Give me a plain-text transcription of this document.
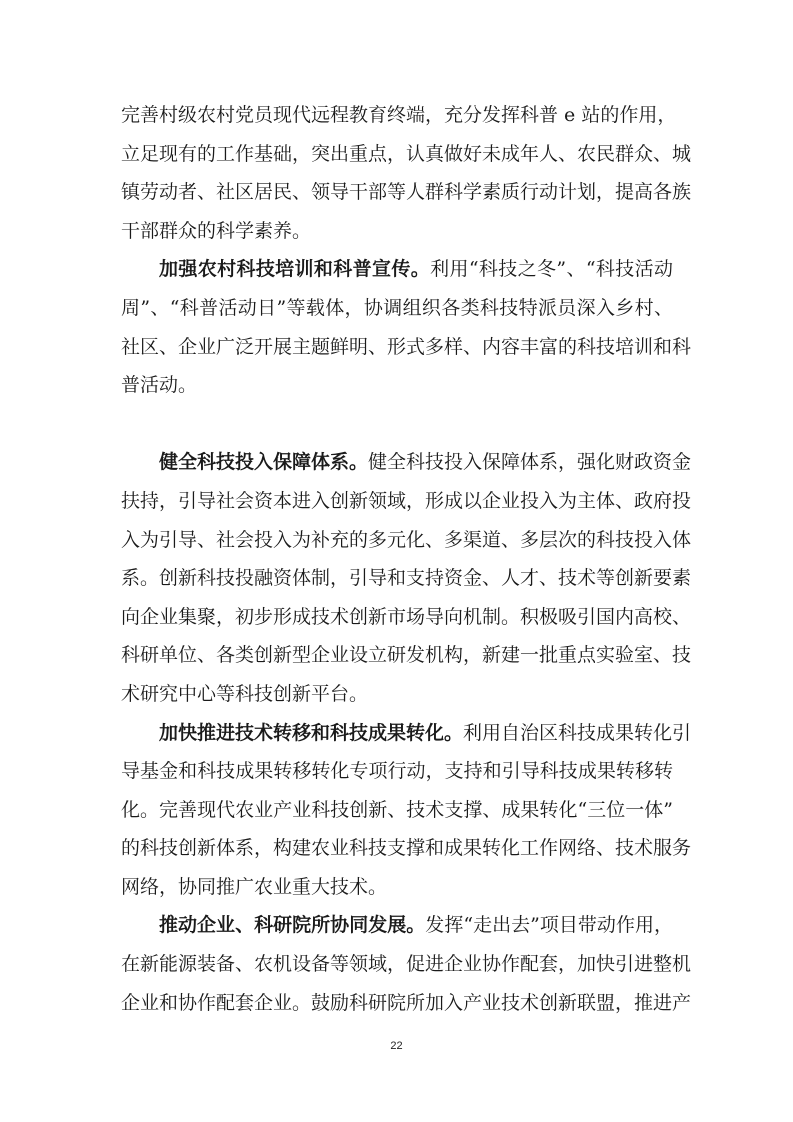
完善村级农村党员现代远程教育终端，充分发挥科普 e 站的作用，
立足现有的工作基础，突出重点，认真做好未成年人、农民群众、城
镇劳动者、社区居民、领导干部等人群科学素质行动计划，提高各族
干部群众的科学素养。
加强农村科技培训和科普宣传。利用“科技之冬”、“科技活动
周”、“科普活动日”等载体，协调组织各类科技特派员深入乡村、
社区、企业广泛开展主题鲜明、形式多样、内容丰富的科技培训和科
普活动。
健全科技投入保障体系。健全科技投入保障体系，强化财政资金
扶持，引导社会资本进入创新领域，形成以企业投入为主体、政府投
入为引导、社会投入为补充的多元化、多渠道、多层次的科技投入体
系。创新科技投融资体制，引导和支持资金、人才、技术等创新要素
向企业集聚，初步形成技术创新市场导向机制。积极吸引国内高校、
科研单位、各类创新型企业设立研发机构，新建一批重点实验室、技
术研究中心等科技创新平台。
加快推进技术转移和科技成果转化。利用自治区科技成果转化引
导基金和科技成果转移转化专项行动，支持和引导科技成果转移转
化。完善现代农业产业科技创新、技术支撑、成果转化“三位一体”
的科技创新体系，构建农业科技支撑和成果转化工作网络、技术服务
网络，协同推广农业重大技术。
推动企业、科研院所协同发展。发挥“走出去”项目带动作用，
在新能源装备、农机设备等领域，促进企业协作配套，加快引进整机
企业和协作配套企业。鼓励科研院所加入产业技术创新联盟，推进产
22
